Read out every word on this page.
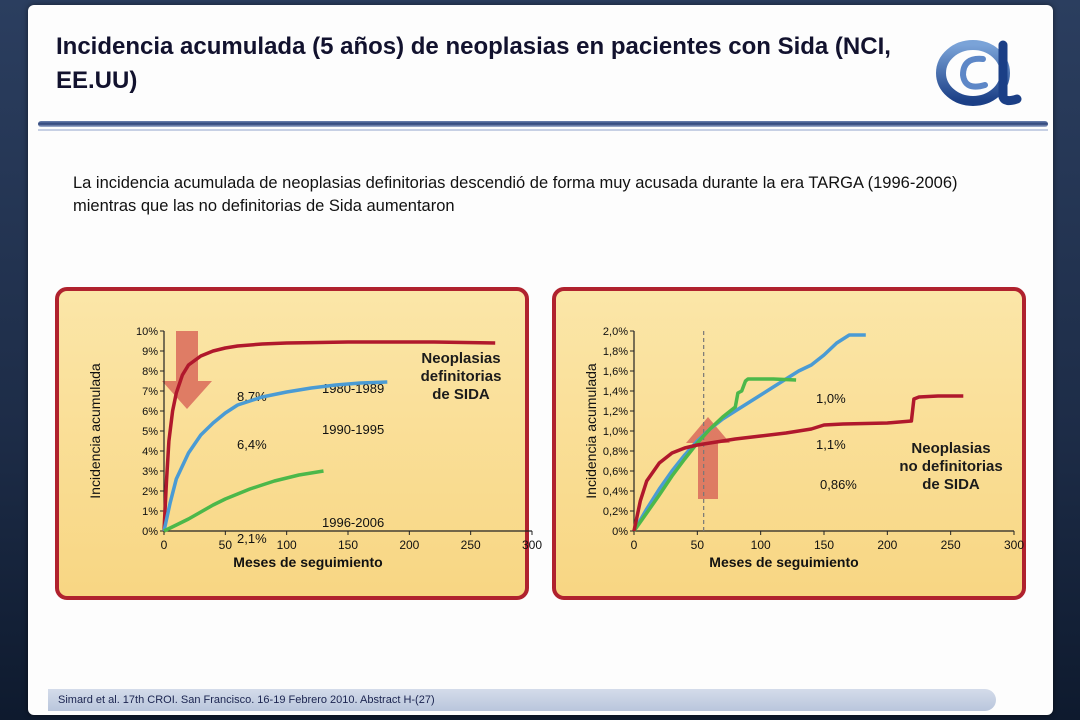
Incidencia acumulada (5 años) de neoplasias en pacientes con Sida (NCI, EE.UU)
La incidencia acumulada de neoplasias definitorias descendió de forma muy acusada durante la era TARGA (1996-2006) mientras que las no definitorias de Sida aumentaron
0%
1%
2%
3%
4%
5%
6%
7%
8%
9%
10%
0	50	100	150	200	250	300
Meses de seguimiento
Incidencia acumulada	8,7%
1980-1989
6,4%
1990-1995
2,1%
1996-2006
Neoplasias
definitorias
de SIDA
0%
0,2%
0,4%
0,6%
0,8%
1,0%
1,2%
1,4%
1,6%
1,8%
2,0%
0	50	100	150	200	250	300
Meses de seguimiento
Incidencia acumulada	1,0%
1,1%
0,86%
Neoplasias
no definitorias
de SIDA
Simard et al. 17th CROI. San Francisco. 16-19 Febrero 2010. Abstract H-(27)
